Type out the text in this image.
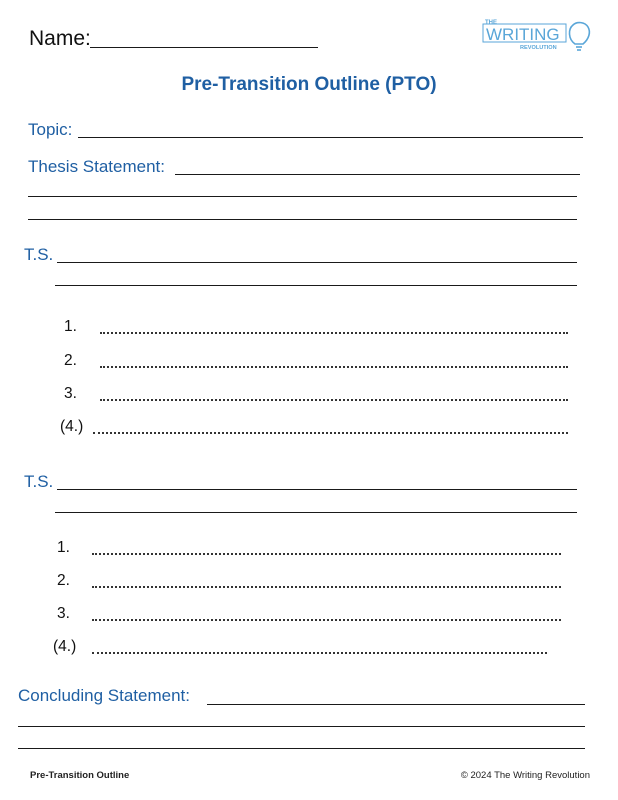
Name:
THE
WRITING
REVOLUTION
Pre-Transition Outline (PTO)
Topic:
Thesis Statement:
T.S.
1.
2.
3.
(4.)
T.S.
1.
2.
3.
(4.)
Concluding Statement:
Pre-Transition Outline	© 2024 The Writing Revolution
